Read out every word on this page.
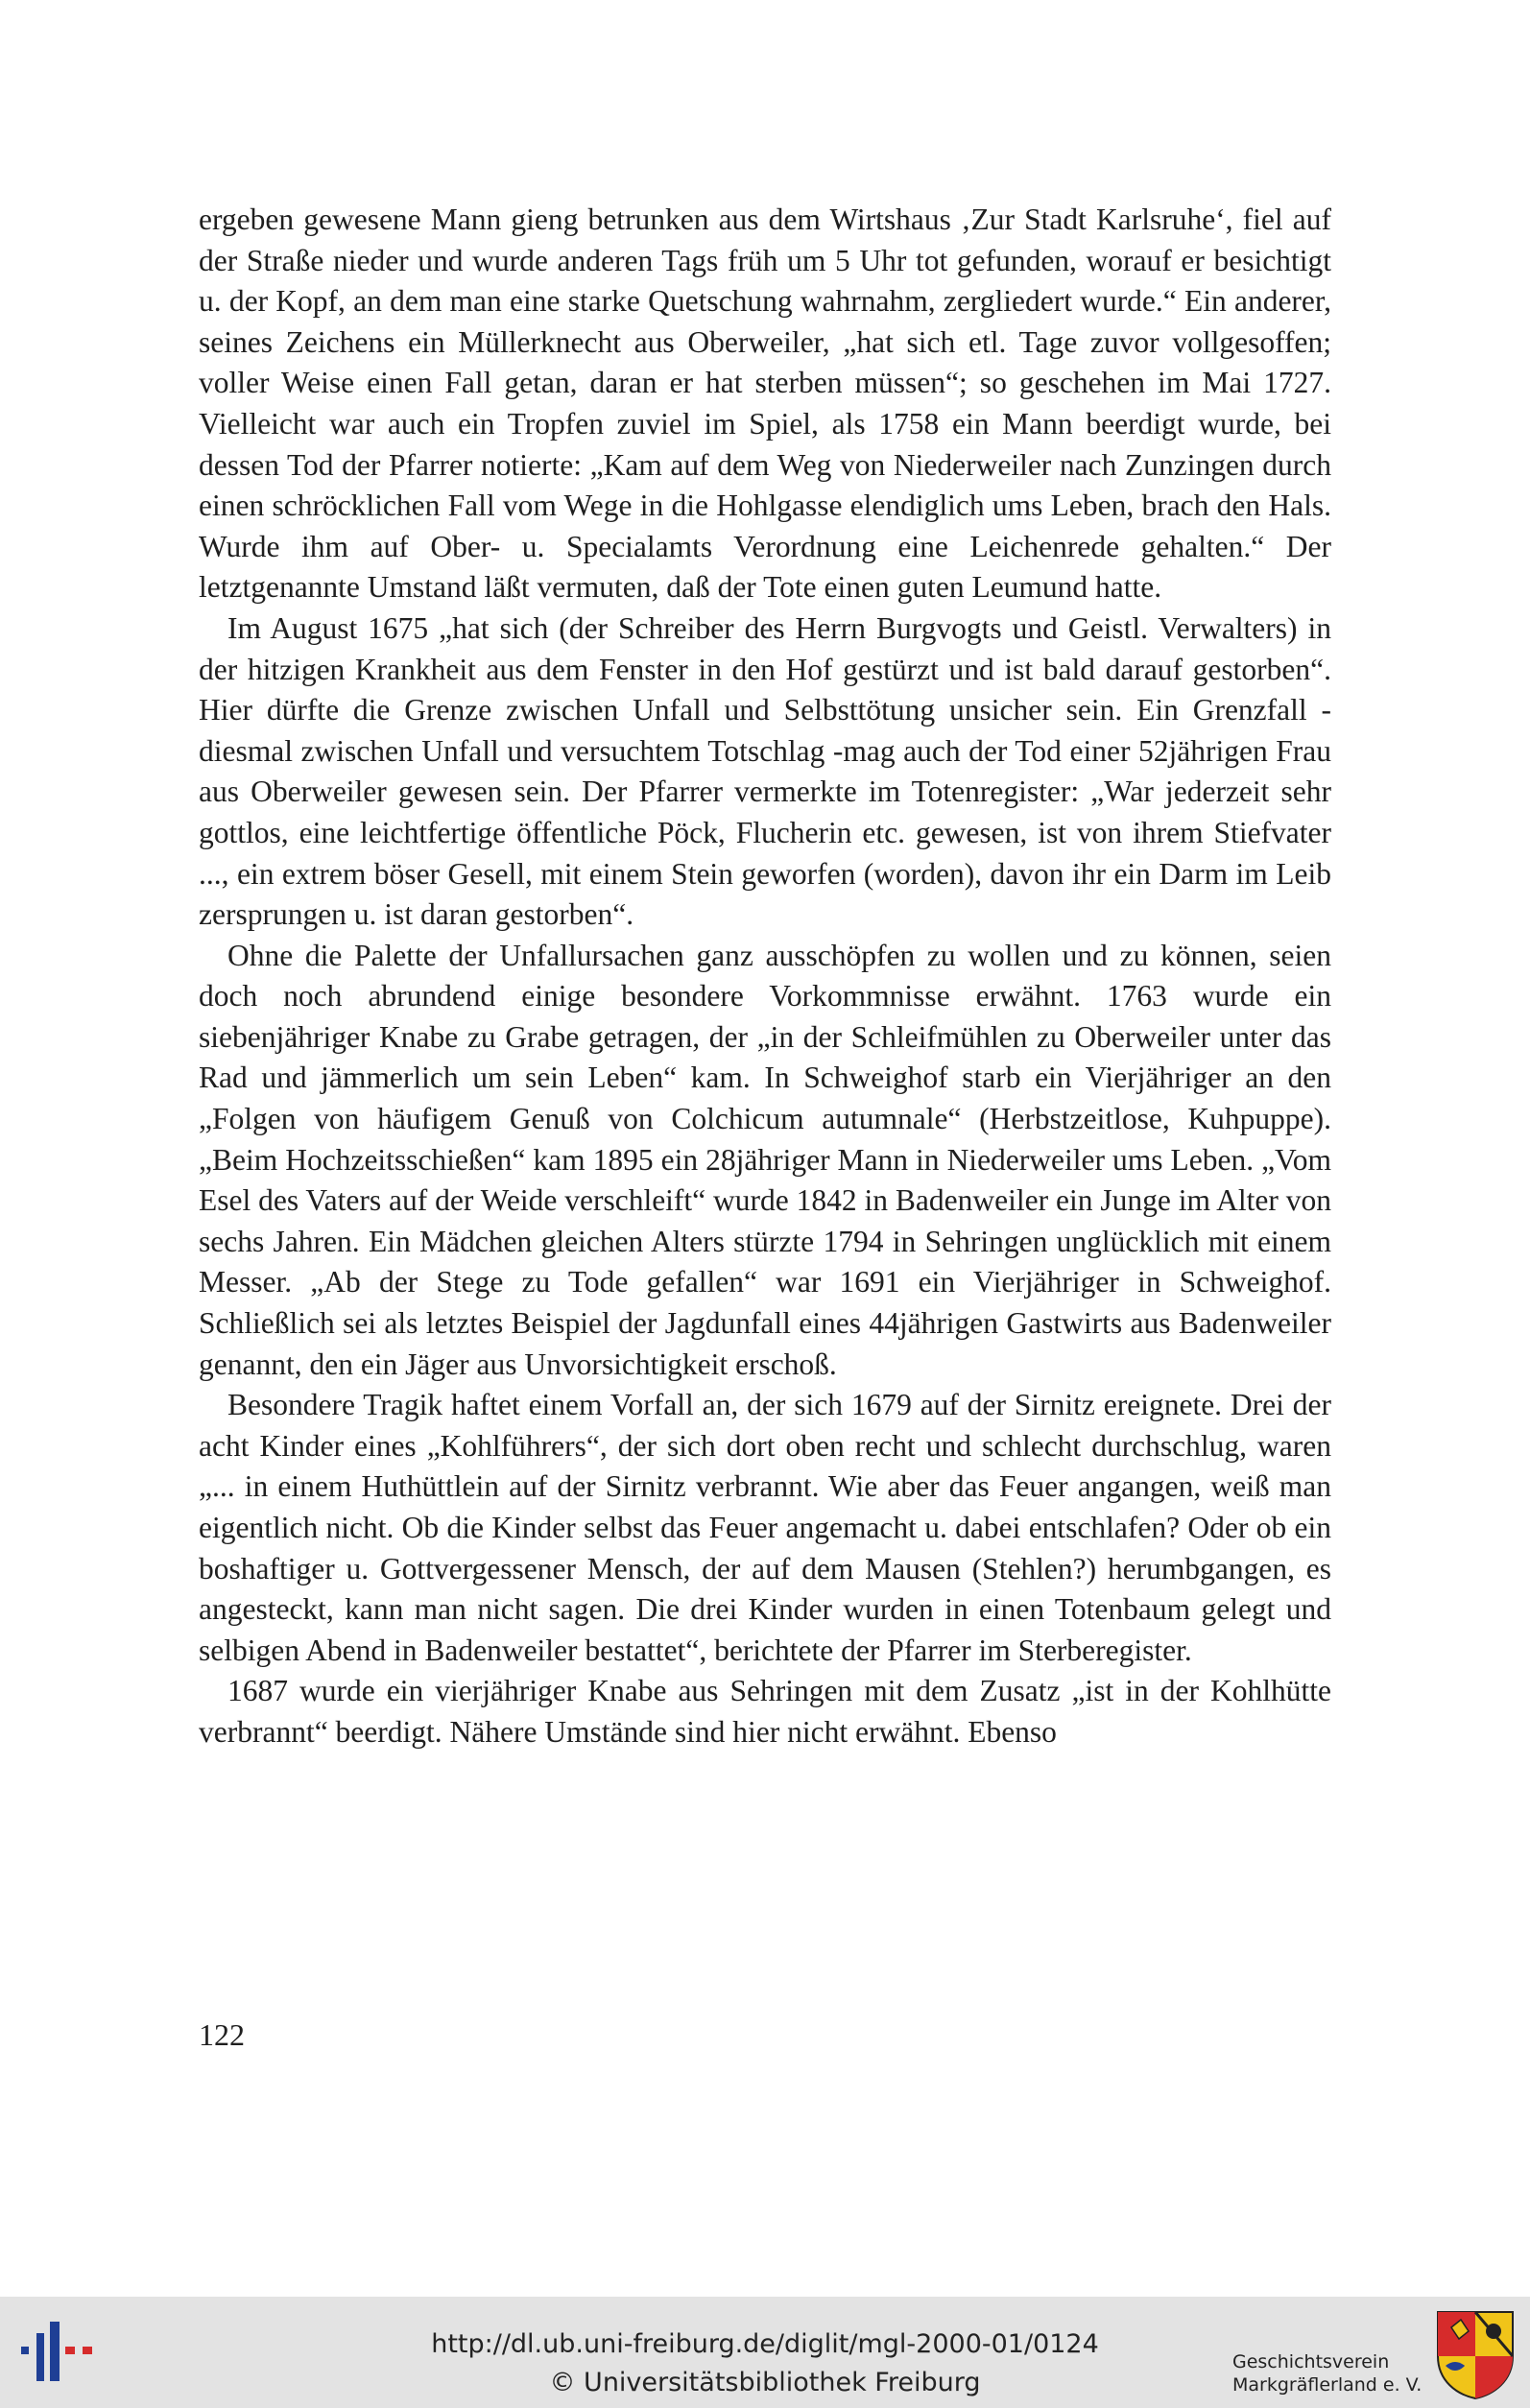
ergeben gewesene Mann gieng betrunken aus dem Wirtshaus ‚Zur Stadt Karlsruhe‘, fiel auf der Straße nieder und wurde anderen Tags früh um 5 Uhr tot gefunden, worauf er besichtigt u. der Kopf, an dem man eine starke Quetschung wahrnahm, zergliedert wurde.“ Ein anderer, seines Zeichens ein Müllerknecht aus Oberweiler, „hat sich etl. Tage zuvor vollgesoffen; voller Weise einen Fall getan, daran er hat sterben müssen“; so geschehen im Mai 1727. Vielleicht war auch ein Tropfen zuviel im Spiel, als 1758 ein Mann beerdigt wurde, bei dessen Tod der Pfarrer notierte: „Kam auf dem Weg von Niederweiler nach Zunzingen durch einen schröcklichen Fall vom Wege in die Hohlgasse elendiglich ums Leben, brach den Hals. Wurde ihm auf Ober- u. Specialamts Verordnung eine Leichenrede gehalten.“ Der letztgenannte Umstand läßt vermuten, daß der Tote einen guten Leumund hatte.

Im August 1675 „hat sich (der Schreiber des Herrn Burgvogts und Geistl. Verwalters) in der hitzigen Krankheit aus dem Fenster in den Hof gestürzt und ist bald darauf gestorben“. Hier dürfte die Grenze zwischen Unfall und Selbsttötung unsicher sein. Ein Grenzfall - diesmal zwischen Unfall und versuchtem Totschlag -mag auch der Tod einer 52jährigen Frau aus Oberweiler gewesen sein. Der Pfarrer vermerkte im Totenregister: „War jederzeit sehr gottlos, eine leichtfertige öffentliche Pöck, Flucherin etc. gewesen, ist von ihrem Stiefvater ..., ein extrem böser Gesell, mit einem Stein geworfen (worden), davon ihr ein Darm im Leib zersprungen u. ist daran gestorben“.

Ohne die Palette der Unfallursachen ganz ausschöpfen zu wollen und zu können, seien doch noch abrundend einige besondere Vorkommnisse erwähnt. 1763 wurde ein siebenjähriger Knabe zu Grabe getragen, der „in der Schleifmühlen zu Oberweiler unter das Rad und jämmerlich um sein Leben“ kam. In Schweighof starb ein Vierjähriger an den „Folgen von häufigem Genuß von Colchicum autumnale“ (Herbstzeitlose, Kuhpuppe). „Beim Hochzeitsschießen“ kam 1895 ein 28jähriger Mann in Niederweiler ums Leben. „Vom Esel des Vaters auf der Weide verschleift“ wurde 1842 in Badenweiler ein Junge im Alter von sechs Jahren. Ein Mädchen gleichen Alters stürzte 1794 in Sehringen unglücklich mit einem Messer. „Ab der Stege zu Tode gefallen“ war 1691 ein Vierjähriger in Schweighof. Schließlich sei als letztes Beispiel der Jagdunfall eines 44jährigen Gastwirts aus Badenweiler genannt, den ein Jäger aus Unvorsichtigkeit erschoß.

Besondere Tragik haftet einem Vorfall an, der sich 1679 auf der Sirnitz ereignete. Drei der acht Kinder eines „Kohlführers“, der sich dort oben recht und schlecht durchschlug, waren „... in einem Huthüttlein auf der Sirnitz verbrannt. Wie aber das Feuer angangen, weiß man eigentlich nicht. Ob die Kinder selbst das Feuer angemacht u. dabei entschlafen? Oder ob ein boshaftiger u. Gottvergessener Mensch, der auf dem Mausen (Stehlen?) herumbgangen, es angesteckt, kann man nicht sagen. Die drei Kinder wurden in einen Totenbaum gelegt und selbigen Abend in Badenweiler bestattet“, berichtete der Pfarrer im Sterberegister.

1687 wurde ein vierjähriger Knabe aus Sehringen mit dem Zusatz „ist in der Kohlhütte verbrannt“ beerdigt. Nähere Umstände sind hier nicht erwähnt. Ebenso

122
http://dl.ub.uni-freiburg.de/diglit/mgl-2000-01/0124
© Universitätsbibliothek Freiburg
Geschichtsverein
Markgräflerland e. V.
